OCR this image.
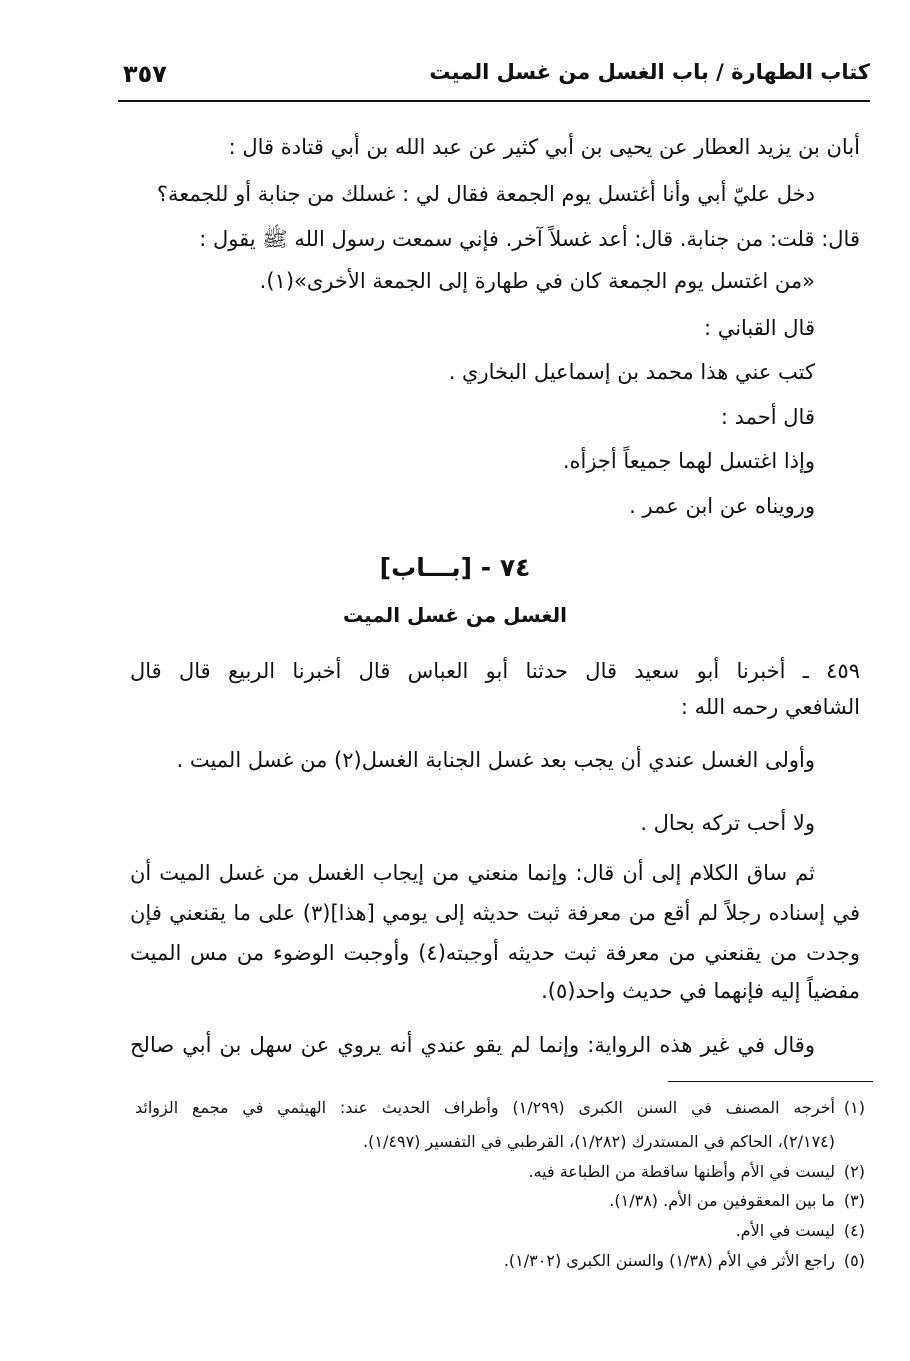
كتاب الطهارة / باب الغسل من غسل الميت
٣٥٧
أبان بن يزيد العطار عن يحيى بن أبي كثير عن عبد الله بن أبي قتادة قال :
دخل عليّ أبي وأنا أغتسل يوم الجمعة فقال لي : غسلك من جنابة أو للجمعة؟
قال: قلت: من جنابة. قال: أعد غسلاً آخر. فإني سمعت رسول الله ﷺ يقول :
«من اغتسل يوم الجمعة كان في طهارة إلى الجمعة الأخرى»(١).
قال القباني :
كتب عني هذا محمد بن إسماعيل البخاري .
قال أحمد :
وإذا اغتسل لهما جميعاً أجزأه.
ورويناه عن ابن عمر .
٧٤ - [بـــاب]
الغسل من غسل الميت
٤٥٩ ـ أخبرنا أبو سعيد قال حدثنا أبو العباس قال أخبرنا الربيع قال قال
الشافعي رحمه الله :
وأولى الغسل عندي أن يجب بعد غسل الجنابة الغسل(٢) من غسل الميت .
ولا أحب تركه بحال .
ثم ساق الكلام إلى أن قال: وإنما منعني من إيجاب الغسل من غسل الميت أن
في إسناده رجلاً لم أقع من معرفة ثبت حديثه إلى يومي [هذا](٣) على ما يقنعني فإن
وجدت من يقنعني من معرفة ثبت حديثه أوجبته(٤) وأوجبت الوضوء من مس الميت
مفضياً إليه فإنهما في حديث واحد(٥).
وقال في غير هذه الرواية: وإنما لم يقو عندي أنه يروي عن سهل بن أبي صالح
(١)أخرجه المصنف في السنن الكبرى (١/٢٩٩) وأطراف الحديث عند: الهيثمي في مجمع الزوائد
(٢/١٧٤)، الحاكم في المستدرك (١/٢٨٢)، القرطبي في التفسير (١/٤٩٧).
(٢)ليست في الأم وأظنها ساقطة من الطباعة فيه.
(٣)ما بين المعقوفين من الأم. (١/٣٨).
(٤)ليست في الأم.
(٥)راجع الأثر في الأم (١/٣٨) والسنن الكبرى (١/٣٠٢).
